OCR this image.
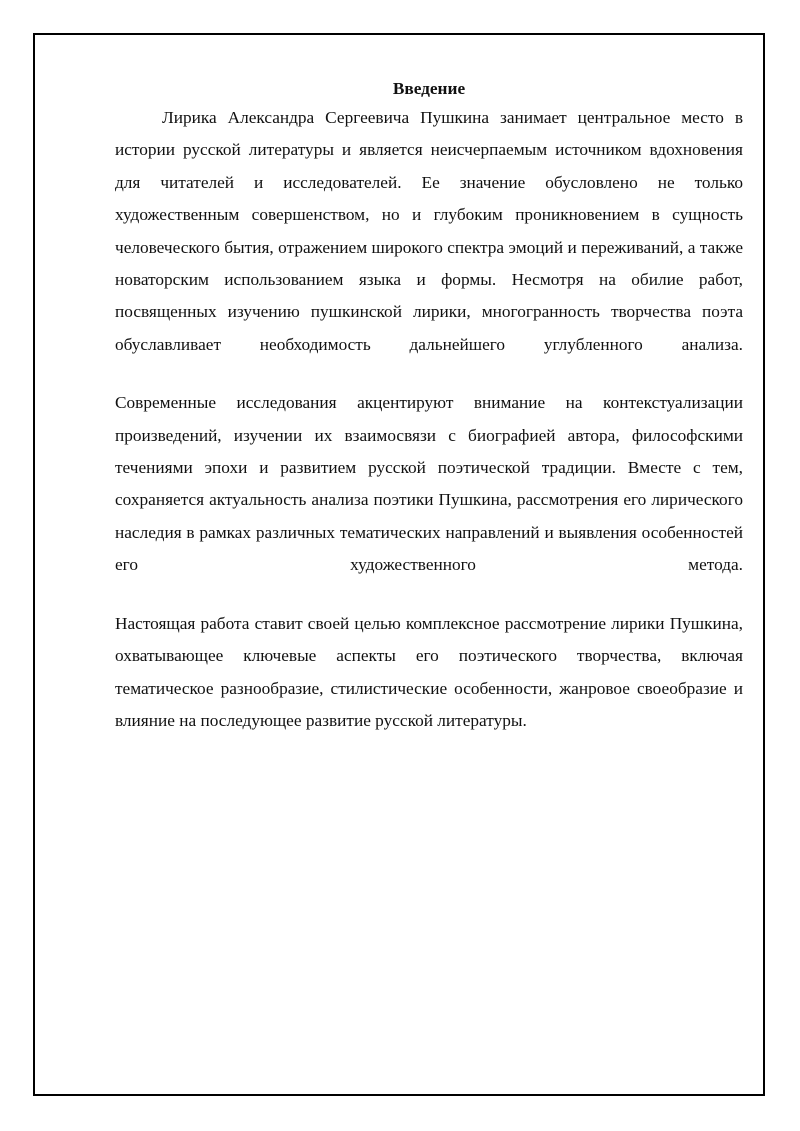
Введение

Лирика Александра Сергеевича Пушкина занимает центральное место в истории русской литературы и является неисчерпаемым источником вдохновения для читателей и исследователей. Ее значение обусловлено не только художественным совершенством, но и глубоким проникновением в сущность человеческого бытия, отражением широкого спектра эмоций и переживаний, а также новаторским использованием языка и формы. Несмотря на обилие работ, посвященных изучению пушкинской лирики, многогранность творчества поэта обуславливает необходимость дальнейшего углубленного анализа.

Современные исследования акцентируют внимание на контекстуализации произведений, изучении их взаимосвязи с биографией автора, философскими течениями эпохи и развитием русской поэтической традиции. Вместе с тем, сохраняется актуальность анализа поэтики Пушкина, рассмотрения его лирического наследия в рамках различных тематических направлений и выявления особенностей его художественного метода.

Настоящая работа ставит своей целью комплексное рассмотрение лирики Пушкина, охватывающее ключевые аспекты его поэтического творчества, включая тематическое разнообразие, стилистические особенности, жанровое своеобразие и влияние на последующее развитие русской литературы.
